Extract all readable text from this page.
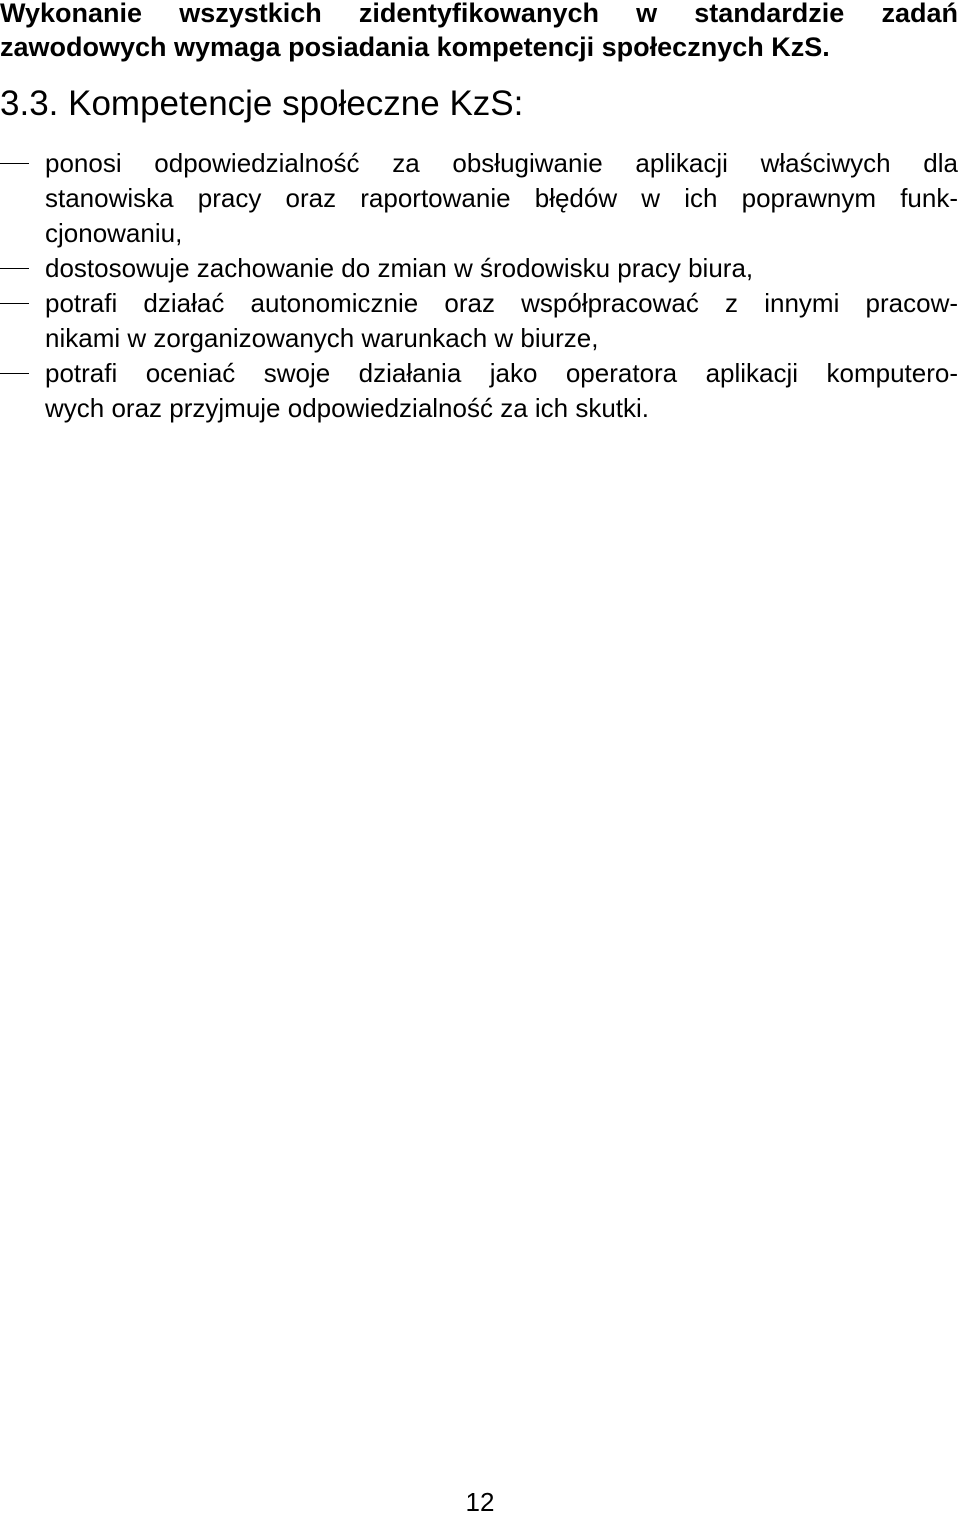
Wykonanie wszystkich zidentyfikowanych w standardzie zadań
zawodowych wymaga posiadania kompetencji społecznych KzS.

3.3. Kompetencje społeczne KzS:
ponosi odpowiedzialność za obsługiwanie aplikacji właściwych dla
stanowiska pracy oraz raportowanie błędów w ich poprawnym funk-
cjonowaniu,
dostosowuje zachowanie do zmian w środowisku pracy biura,
potrafi działać autonomicznie oraz współpracować z innymi pracow-
nikami w zorganizowanych warunkach w biurze,
potrafi oceniać swoje działania jako operatora aplikacji komputero-
wych oraz przyjmuje odpowiedzialność za ich skutki.
12
